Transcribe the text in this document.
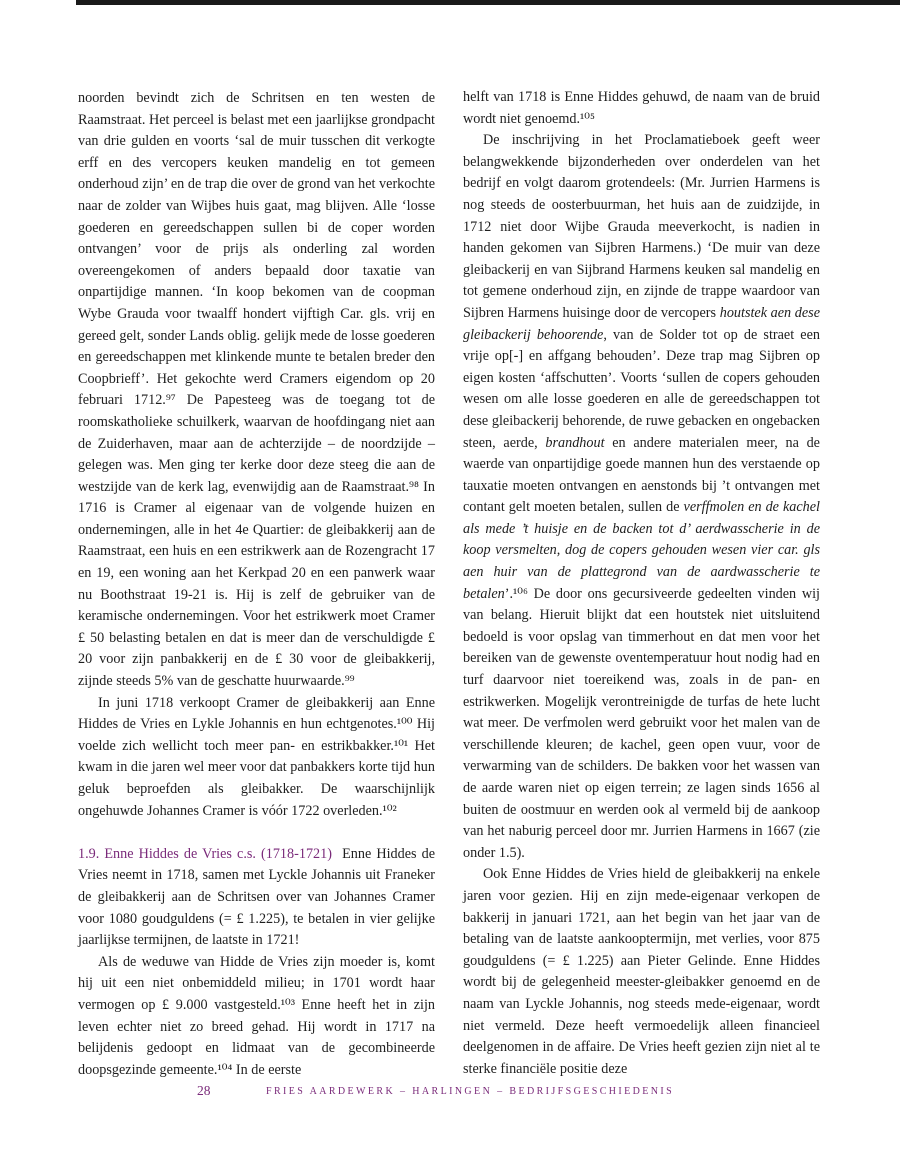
noorden bevindt zich de Schritsen en ten westen de Raamstraat. Het perceel is belast met een jaarlijkse grondpacht van drie gulden en voorts ‘sal de muir tusschen dit verkogte erff en des vercopers keuken mandelig en tot gemeen onderhoud zijn’ en de trap die over de grond van het verkochte naar de zolder van Wijbes huis gaat, mag blijven. Alle ‘losse goederen en gereedschappen sullen bi de coper worden ontvangen’ voor de prijs als onderling zal worden overeengekomen of anders bepaald door taxatie van onpartijdige mannen. ‘In koop bekomen van de coopman Wybe Grauda voor twaalff hondert vijftigh Car. gls. vrij en gereed gelt, sonder Lands oblig. gelijk mede de losse goederen en gereedschappen met klinkende munte te betalen breder den Coopbrieff’. Het gekochte werd Cramers eigendom op 20 februari 1712.⁹⁷ De Papesteeg was de toegang tot de roomskatholieke schuilkerk, waarvan de hoofdingang niet aan de Zuiderhaven, maar aan de achterzijde – de noordzijde – gelegen was. Men ging ter kerke door deze steeg die aan de westzijde van de kerk lag, evenwijdig aan de Raamstraat.⁹⁸ In 1716 is Cramer al eigenaar van de volgende huizen en ondernemingen, alle in het 4e Quartier: de gleibakkerij aan de Raamstraat, een huis en een estrikwerk aan de Rozengracht 17 en 19, een woning aan het Kerkpad 20 en een panwerk waar nu Boothstraat 19-21 is. Hij is zelf de gebruiker van de keramische ondernemingen. Voor het estrikwerk moet Cramer £ 50 belasting betalen en dat is meer dan de verschuldigde £ 20 voor zijn panbakkerij en de £ 30 voor de gleibakkerij, zijnde steeds 5% van de geschatte huurwaarde.⁹⁹

In juni 1718 verkoopt Cramer de gleibakkerij aan Enne Hiddes de Vries en Lykle Johannis en hun echtgenotes.¹⁰⁰ Hij voelde zich wellicht toch meer pan- en estrikbakker.¹⁰¹ Het kwam in die jaren wel meer voor dat panbakkers korte tijd hun geluk beproefden als gleibakker. De waarschijnlijk ongehuwde Johannes Cramer is vóór 1722 overleden.¹⁰²

1.9. Enne Hiddes de Vries c.s. (1718-1721) Enne Hiddes de Vries neemt in 1718, samen met Lyckle Johannis uit Franeker de gleibakkerij aan de Schritsen over van Johannes Cramer voor 1080 goudguldens (= £ 1.225), te betalen in vier gelijke jaarlijkse termijnen, de laatste in 1721!

Als de weduwe van Hidde de Vries zijn moeder is, komt hij uit een niet onbemiddeld milieu; in 1701 wordt haar vermogen op £ 9.000 vastgesteld.¹⁰³ Enne heeft het in zijn leven echter niet zo breed gehad. Hij wordt in 1717 na belijdenis gedoopt en lidmaat van de gecombineerde doopsgezinde gemeente.¹⁰⁴ In de eerste

helft van 1718 is Enne Hiddes gehuwd, de naam van de bruid wordt niet genoemd.¹⁰⁵

De inschrijving in het Proclamatieboek geeft weer belangwekkende bijzonderheden over onderdelen van het bedrijf en volgt daarom grotendeels: (Mr. Jurrien Harmens is nog steeds de oosterbuurman, het huis aan de zuidzijde, in 1712 niet door Wijbe Grauda meeverkocht, is nadien in handen gekomen van Sijbren Harmens.) ‘De muir van deze gleibackerij en van Sijbrand Harmens keuken sal mandelig en tot gemene onderhoud zijn, en zijnde de trappe waardoor van Sijbren Harmens huisinge door de vercopers houtstek aen dese gleibackerij behoorende, van de Solder tot op de straet een vrije op[-] en affgang behouden’. Deze trap mag Sijbren op eigen kosten ‘affschutten’. Voorts ‘sullen de copers gehouden wesen om alle losse goederen en alle de gereedschappen tot dese gleibackerij behorende, de ruwe gebacken en ongebacken steen, aerde, brandhout en andere materialen meer, na de waerde van onpartijdige goede mannen hun des verstaende op tauxatie moeten ontvangen en aenstonds bij ’t ontvangen met contant gelt moeten betalen, sullen de verffmolen en de kachel als mede ’t huisje en de backen tot d’ aerdwasscherie in de koop versmelten, dog de copers gehouden wesen vier car. gls aen huir van de plattegrond van de aardwasscherie te betalen’.¹⁰⁶ De door ons gecursiveerde gedeelten vinden wij van belang. Hieruit blijkt dat een houtstek niet uitsluitend bedoeld is voor opslag van timmerhout en dat men voor het bereiken van de gewenste oventemperatuur hout nodig had en turf daarvoor niet toereikend was, zoals in de pan- en estrikwerken. Mogelijk verontreinigde de turfas de hete lucht wat meer. De verfmolen werd gebruikt voor het malen van de verschillende kleuren; de kachel, geen open vuur, voor de verwarming van de schilders. De bakken voor het wassen van de aarde waren niet op eigen terrein; ze lagen sinds 1656 al buiten de oostmuur en werden ook al vermeld bij de aankoop van het naburig perceel door mr. Jurrien Harmens in 1667 (zie onder 1.5).

Ook Enne Hiddes de Vries hield de gleibakkerij na enkele jaren voor gezien. Hij en zijn mede-eigenaar verkopen de bakkerij in januari 1721, aan het begin van het jaar van de betaling van de laatste aankooptermijn, met verlies, voor 875 goudguldens (= £ 1.225) aan Pieter Gelinde. Enne Hiddes wordt bij de gelegenheid meester-gleibakker genoemd en de naam van Lyckle Johannis, nog steeds mede-eigenaar, wordt niet vermeld. Deze heeft vermoedelijk alleen financieel deelgenomen in de affaire. De Vries heeft gezien zijn niet al te sterke financiële positie deze

28	FRIES AARDEWERK – HARLINGEN – BEDRIJFSGESCHIEDENIS
